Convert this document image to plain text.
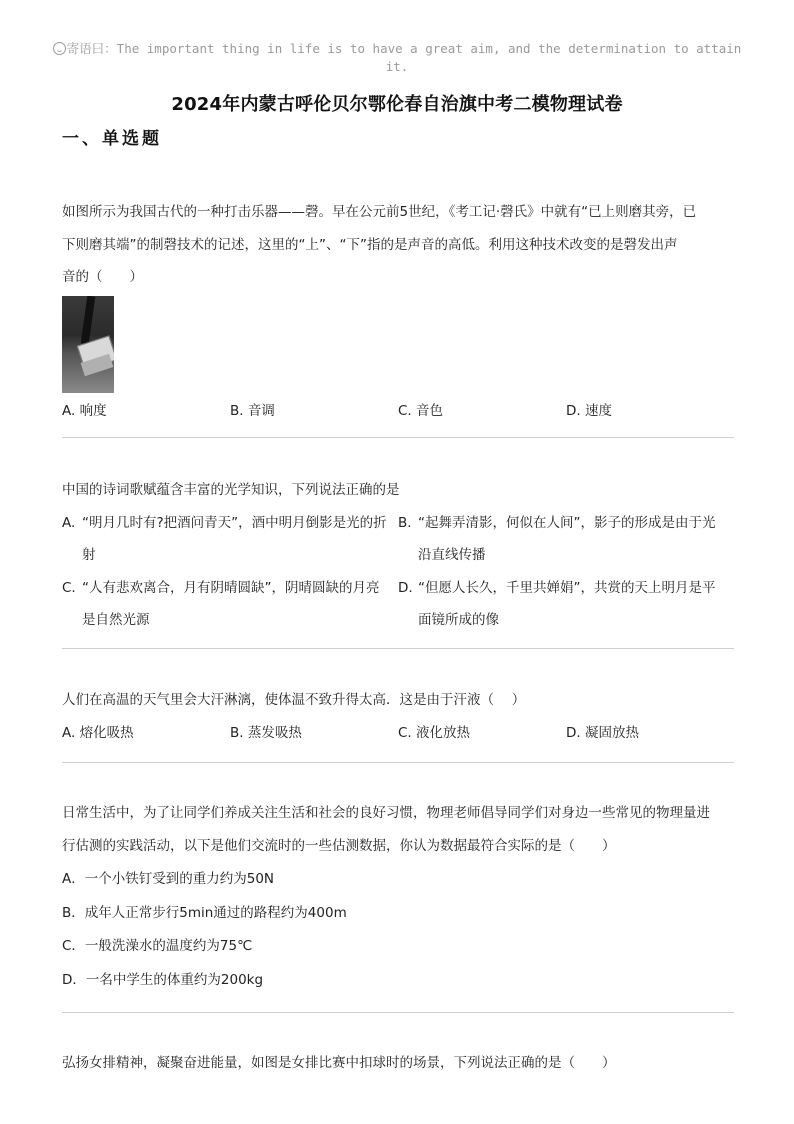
寄语曰：The important thing in life is to have a great aim, and the determination to attain it.
2024年内蒙古呼伦贝尔鄂伦春自治旗中考二模物理试卷
一、单选题

如图所示为我国古代的一种打击乐器——磬。早在公元前5世纪，《考工记·磬氏》中就有“已上则磨其旁，已

下则磨其端”的制磬技术的记述，这里的“上”、“下”指的是声音的高低。利用这种技术改变的是磬发出声

音的（　　）

A. 响度	B. 音调	C. 音色	D. 速度

中国的诗词歌赋蕴含丰富的光学知识，下列说法正确的是

A. “明月几时有?把酒问青天”，酒中明月倒影是光的折射
B. “起舞弄清影，何似在人间”，影子的形成是由于光沿直线传播
C. “人有悲欢离合，月有阴晴圆缺”，阴晴圆缺的月亮是自然光源
D. “但愿人长久，千里共婵娟”，共赏的天上明月是平面镜所成的像

人们在高温的天气里会大汗淋漓，使体温不致升得太高．这是由于汗液（　 ）

A. 熔化吸热	B. 蒸发吸热	C. 液化放热	D. 凝固放热

日常生活中，为了让同学们养成关注生活和社会的良好习惯，物理老师倡导同学们对身边一些常见的物理量进

行估测的实践活动，以下是他们交流时的一些估测数据，你认为数据最符合实际的是（　　）

A．一个小铁钉受到的重力约为50N

B．成年人正常步行5min通过的路程约为400m

C．一般洗澡水的温度约为75℃

D．一名中学生的体重约为200kg

弘扬女排精神，凝聚奋进能量，如图是女排比赛中扣球时的场景，下列说法正确的是（　　）
